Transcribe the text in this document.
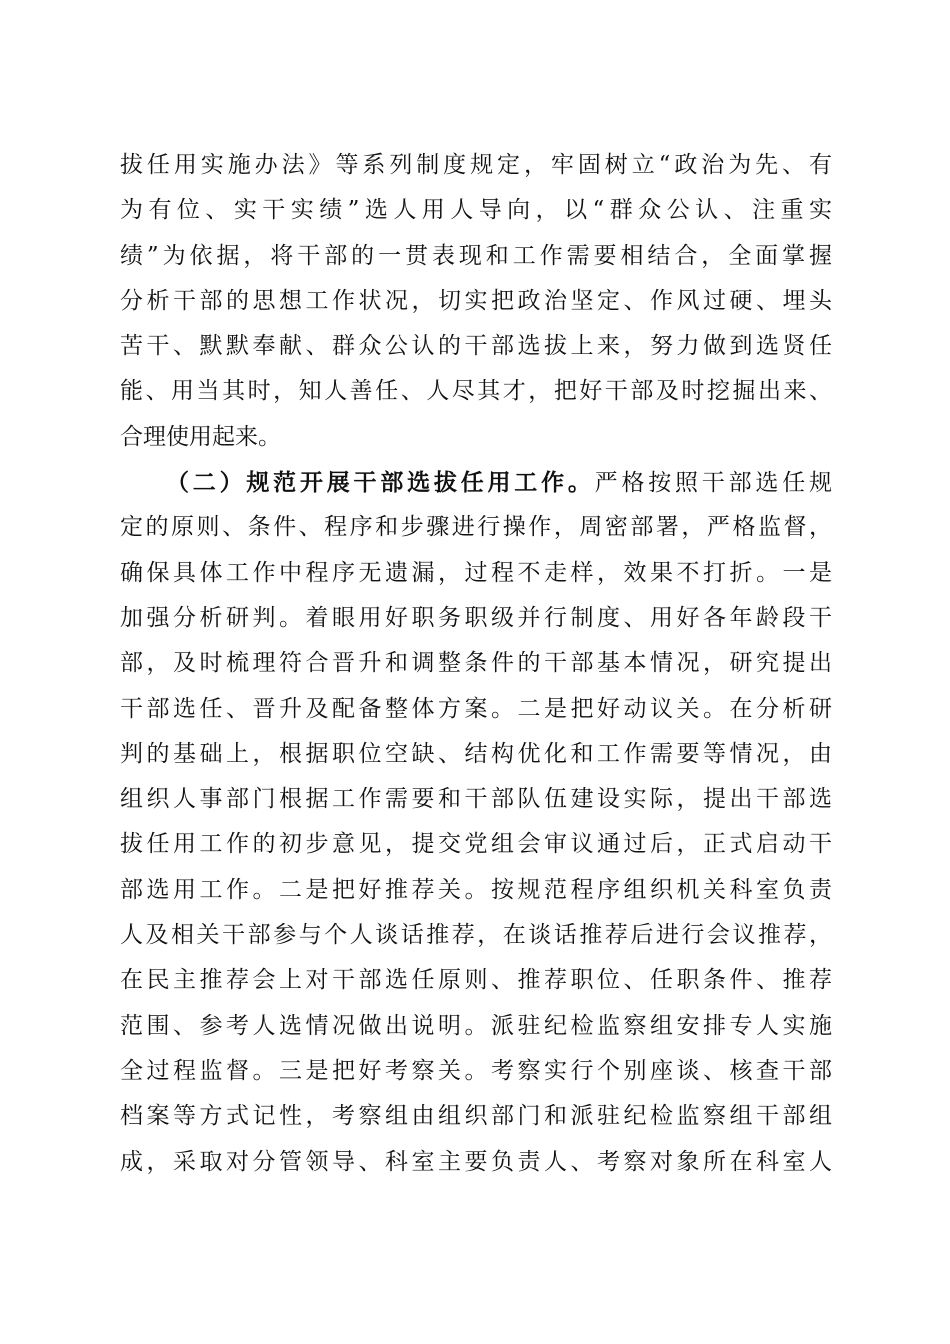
拔任用实施办法》等系列制度规定，牢固树立“政治为先、有
为有位、实干实绩”选人用人导向，以“群众公认、注重实
绩”为依据，将干部的一贯表现和工作需要相结合，全面掌握
分析干部的思想工作状况，切实把政治坚定、作风过硬、埋头
苦干、默默奉献、群众公认的干部选拔上来，努力做到选贤任
能、用当其时，知人善任、人尽其才，把好干部及时挖掘出来、
合理使用起来。
（二）规范开展干部选拔任用工作。严格按照干部选任规
定的原则、条件、程序和步骤进行操作，周密部署，严格监督，
确保具体工作中程序无遗漏，过程不走样，效果不打折。一是
加强分析研判。着眼用好职务职级并行制度、用好各年龄段干
部，及时梳理符合晋升和调整条件的干部基本情况，研究提出
干部选任、晋升及配备整体方案。二是把好动议关。在分析研
判的基础上，根据职位空缺、结构优化和工作需要等情况，由
组织人事部门根据工作需要和干部队伍建设实际，提出干部选
拔任用工作的初步意见，提交党组会审议通过后，正式启动干
部选用工作。二是把好推荐关。按规范程序组织机关科室负责
人及相关干部参与个人谈话推荐，在谈话推荐后进行会议推荐，
在民主推荐会上对干部选任原则、推荐职位、任职条件、推荐
范围、参考人选情况做出说明。派驻纪检监察组安排专人实施
全过程监督。三是把好考察关。考察实行个别座谈、核查干部
档案等方式记性，考察组由组织部门和派驻纪检监察组干部组
成，采取对分管领导、科室主要负责人、考察对象所在科室人
